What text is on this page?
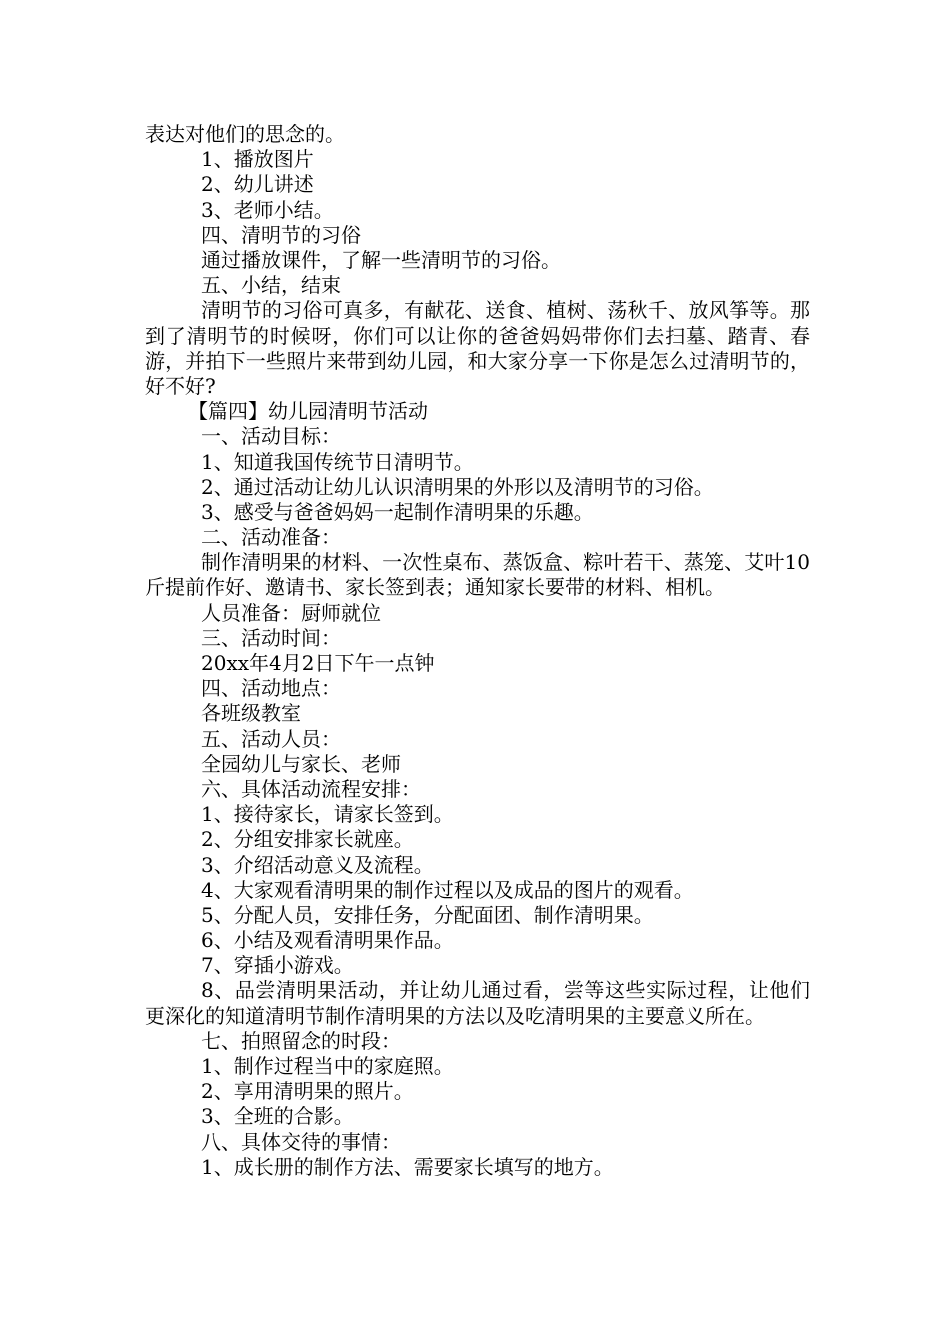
表达对他们的思念的。
1、播放图片
2、幼儿讲述
3、老师小结。
四、清明节的习俗
通过播放课件，了解一些清明节的习俗。
五、小结，结束
清明节的习俗可真多，有献花、送食、植树、荡秋千、放风筝等。那到了清明节的时候呀，你们可以让你的爸爸妈妈带你们去扫墓、踏青、春游，并拍下一些照片来带到幼儿园，和大家分享一下你是怎么过清明节的，好不好?
【篇四】幼儿园清明节活动
一、活动目标：
1、知道我国传统节日清明节。
2、通过活动让幼儿认识清明果的外形以及清明节的习俗。
3、感受与爸爸妈妈一起制作清明果的乐趣。
二、活动准备：
制作清明果的材料、一次性桌布、蒸饭盒、粽叶若干、蒸笼、艾叶10斤提前作好、邀请书、家长签到表；通知家长要带的材料、相机。
人员准备：厨师就位
三、活动时间：
20xx年4月2日下午一点钟
四、活动地点：
各班级教室
五、活动人员：
全园幼儿与家长、老师
六、具体活动流程安排：
1、接待家长，请家长签到。
2、分组安排家长就座。
3、介绍活动意义及流程。
4、大家观看清明果的制作过程以及成品的图片的观看。
5、分配人员，安排任务，分配面团、制作清明果。
6、小结及观看清明果作品。
7、穿插小游戏。
8、品尝清明果活动，并让幼儿通过看，尝等这些实际过程，让他们更深化的知道清明节制作清明果的方法以及吃清明果的主要意义所在。
七、拍照留念的时段：
1、制作过程当中的家庭照。
2、享用清明果的照片。
3、全班的合影。
八、具体交待的事情：
1、成长册的制作方法、需要家长填写的地方。
